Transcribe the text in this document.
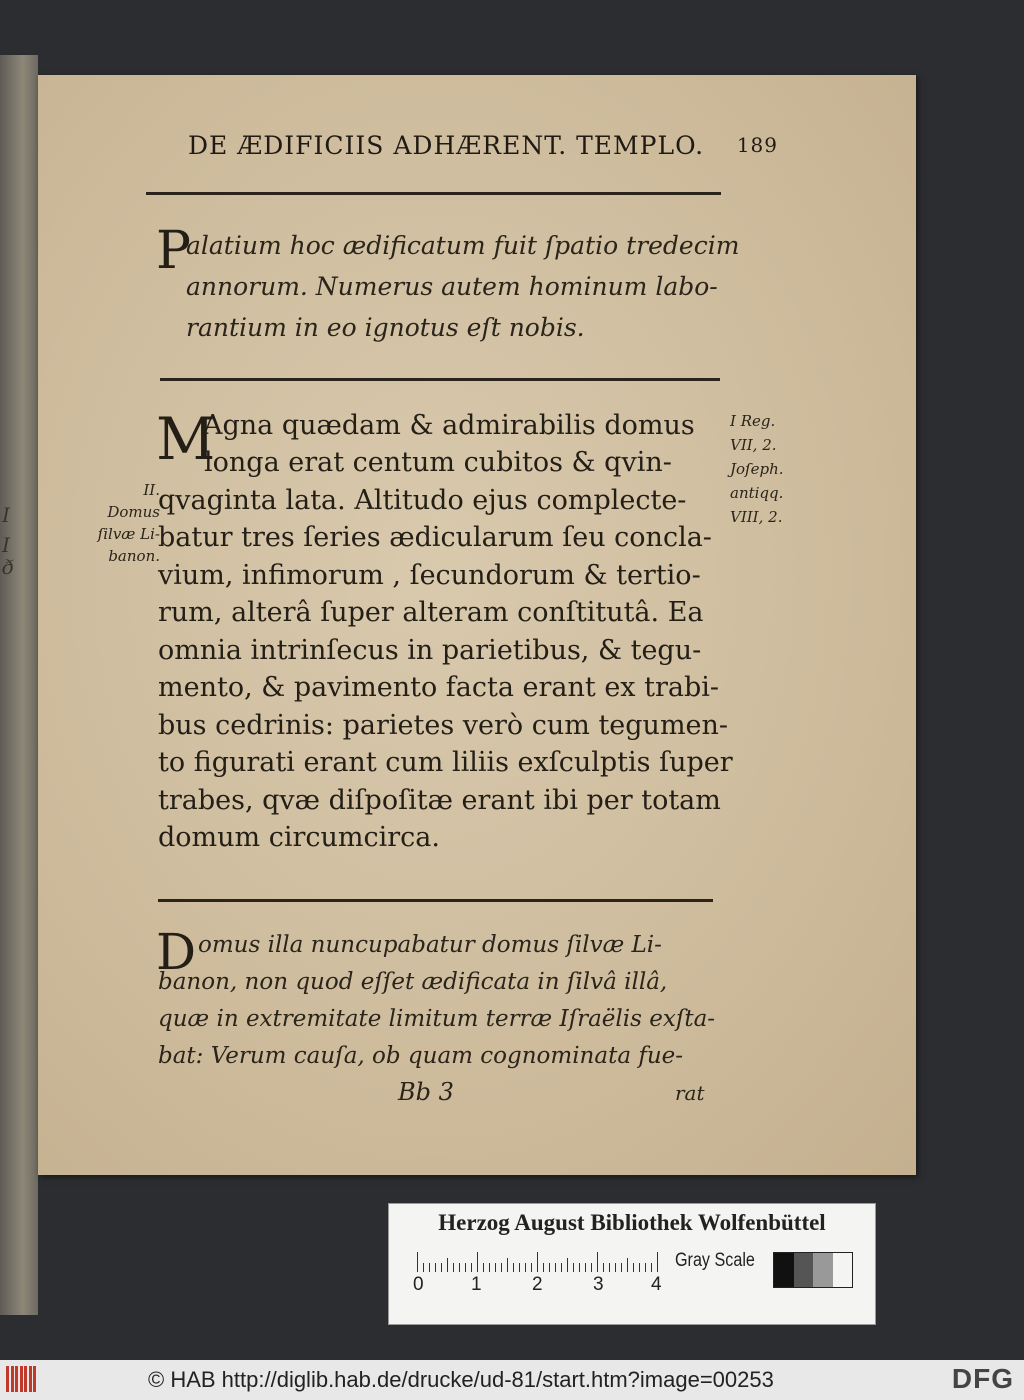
I
I
ð
DE ÆDIFICIIS ADHÆRENT. TEMPLO. 189
P
alatium hoc ædificatum fuit ſpatio tredecim
annorum. Numerus autem hominum labo-
rantium in eo ignotus eſt nobis.
M
Agna quædam & admirabilis domus
longa erat centum cubitos & qvin-
qvaginta lata. Altitudo ejus complecte-
batur tres ſeries ædicularum ſeu concla-
vium, infimorum , ſecundorum & tertio-
rum, alterâ ſuper alteram conſtitutâ. Ea
omnia intrinſecus in parietibus, & tegu-
mento, & pavimento facta erant ex trabi-
bus cedrinis: parietes verò cum tegumen-
to figurati erant cum liliis exſculptis ſuper
trabes, qvæ diſpoſitæ erant ibi per totam
domum circumcirca.
II.
Domus
ſilvæ Li-
banon.
I Reg.
VII, 2.
Joſeph.
antiqq.
VIII, 2.
D omus illa nuncupabatur domus ſilvæ Li-
banon, non quod eſſet ædificata in ſilvâ illâ,
quæ in extremitate limitum terræ Iſraëlis exſta-
bat: Verum cauſa, ob quam cognominata fue-
Bb 3	rat
Herzog August Bibliothek Wolfenbüttel
0 1	2	3 4
Gray Scale
© HAB http://diglib.hab.de/drucke/ud-81/start.htm?image=00253	DFG
